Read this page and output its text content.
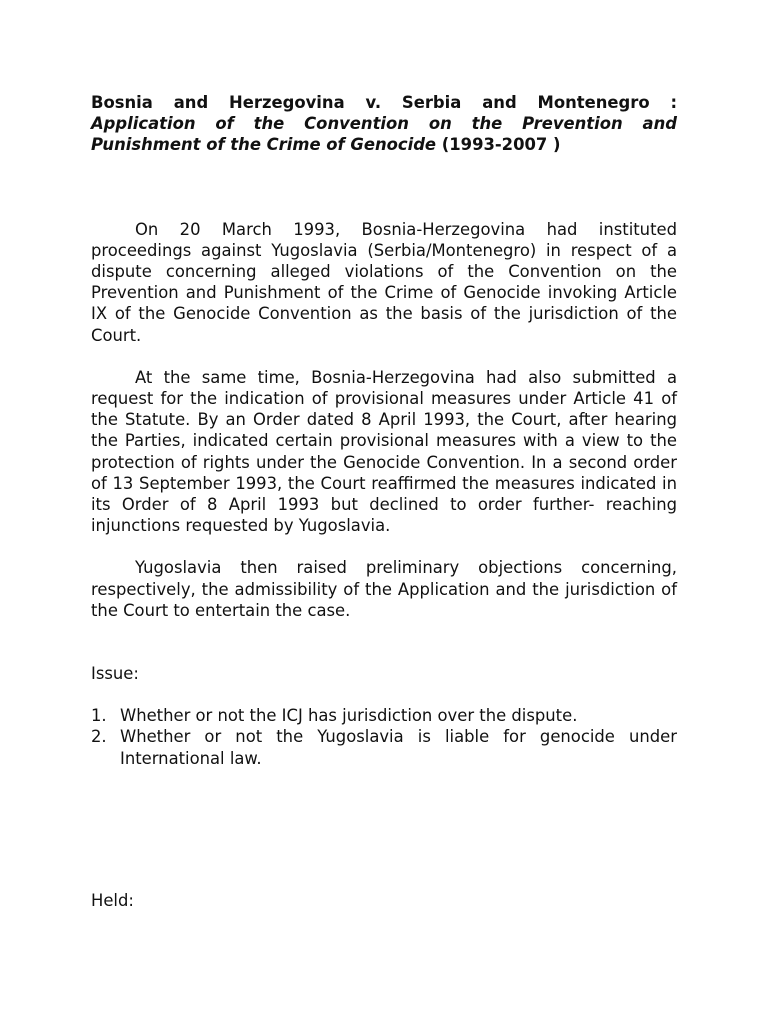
Bosnia and Herzegovina v. Serbia and Montenegro : Application of the Convention on the Prevention and Punishment of the Crime of Genocide (1993-2007 )

On 20 March 1993, Bosnia-Herzegovina had instituted proceedings against Yugoslavia (Serbia/Montenegro) in respect of a dispute concerning alleged violations of the Convention on the Prevention and Punishment of the Crime of Genocide invoking Article IX of the Genocide Convention as the basis of the jurisdiction of the Court.

At the same time, Bosnia-Herzegovina had also submitted a request for the indication of provisional measures under Article 41 of the Statute. By an Order dated 8 April 1993, the Court, after hearing the Parties, indicated certain provisional measures with a view to the protection of rights under the Genocide Convention. In a second order of 13 September 1993, the Court reaffirmed the measures indicated in its Order of 8 April 1993 but declined to order further- reaching injunctions requested by Yugoslavia.

Yugoslavia then raised preliminary objections concerning, respectively, the admissibility of the Application and the jurisdiction of the Court to entertain the case.

Issue:

1. Whether or not the ICJ has jurisdiction over the dispute.
2. Whether or not the Yugoslavia is liable for genocide under International law.

Held:
